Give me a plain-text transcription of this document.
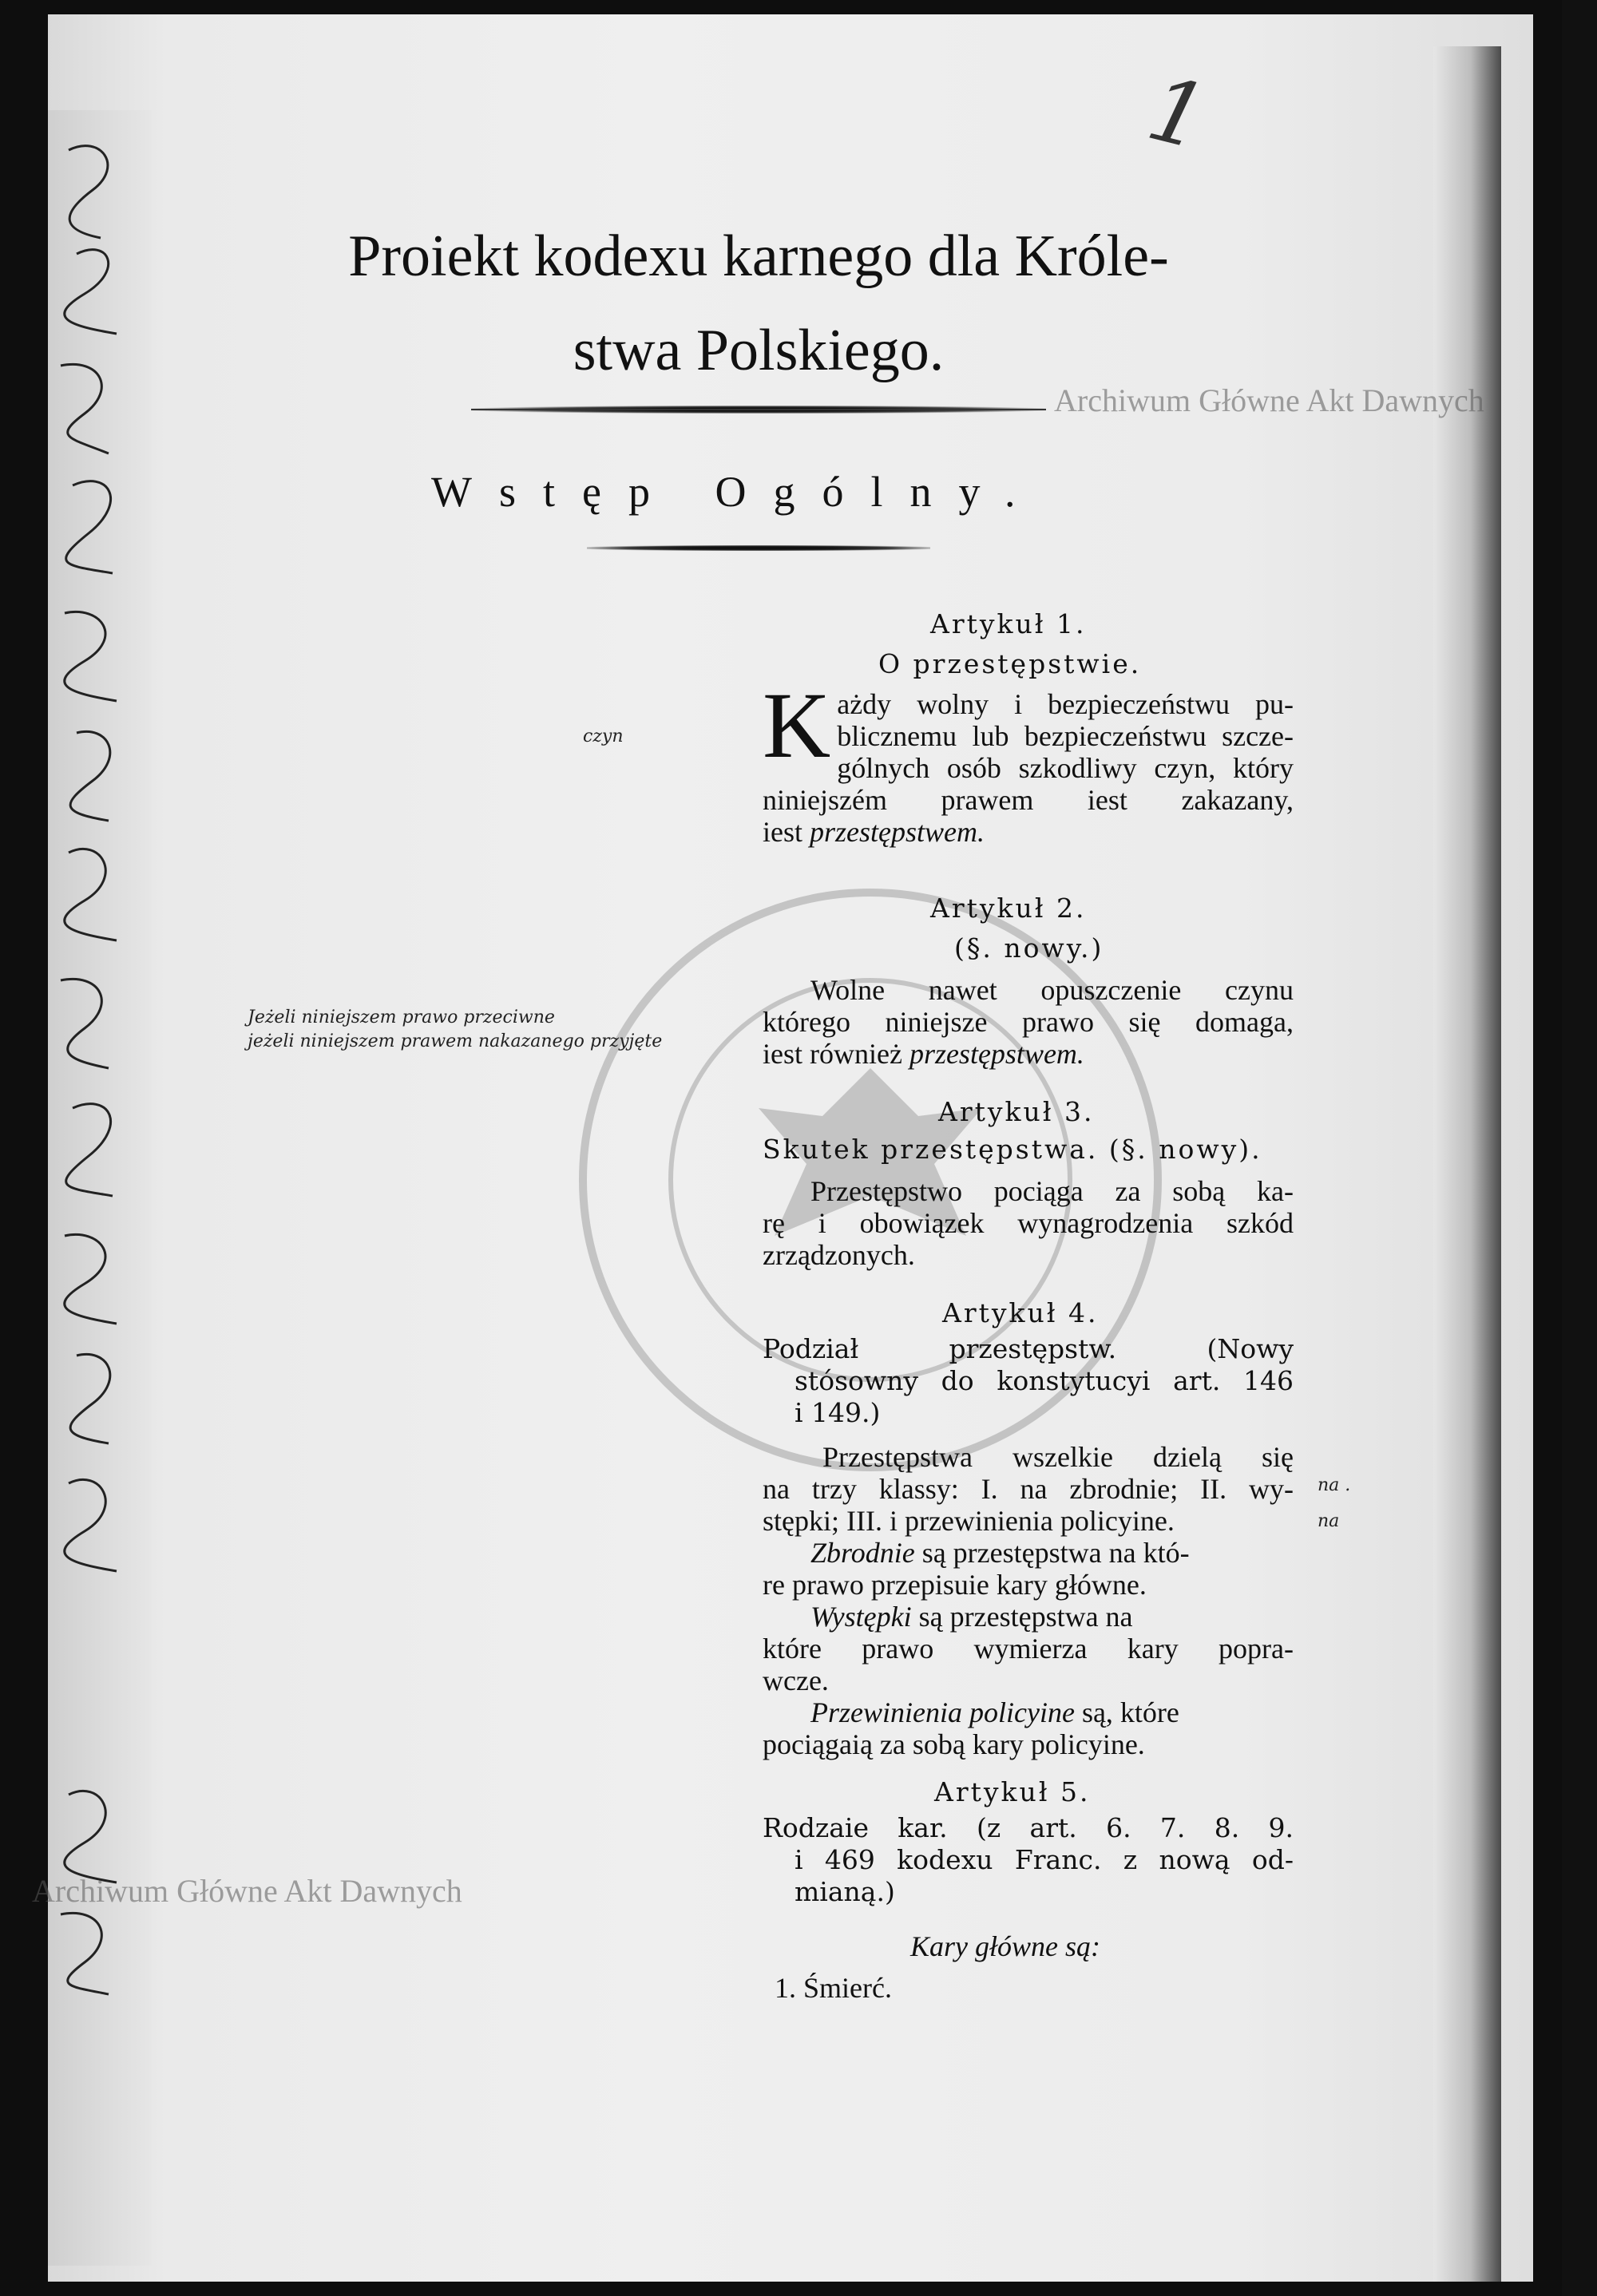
1
Proiekt kodexu karnego dla Króle-
stwa Polskiego.
Wstęp Ogólny.
Archiwum Główne Akt Dawnych
Archiwum Główne Akt Dawnych
Artykuł 1.
O przestępstwie.
K ażdy wolny i bezpieczeństwu pu-
blicznemu lub bezpieczeństwu szcze-
gólnych osób szkodliwy czyn, który
niniejszém prawem iest zakazany,
iest przestępstwem.
czyn
Artykuł 2.
(§. nowy.)
Wolne nawet opuszczenie czynu
którego niniejsze prawo się domaga,
iest również przestępstwem.
Jeżeli niniejszem prawo przeciwne
jeżeli niniejszem prawem nakazanego przyjęte
Artykuł 3.
Skutek przestępstwa. (§. nowy).
Przestępstwo pociąga za sobą ka-
rę i obowiązek wynagrodzenia szkód
zrządzonych.
Artykuł 4.
Podział przestępstw. (Nowy
stósowny do konstytucyi art. 146
i 149.)
Przestępstwa wszelkie dzielą się
na trzy klassy: I. na zbrodnie; II. wy-
stępki; III. i przewinienia policyine.
Zbrodnie są przestępstwa na któ-
re prawo przepisuie kary główne.
Występki są przestępstwa na
które prawo wymierza kary popra-
wcze.
Przewinienia policyine są, które
pociągaią za sobą kary policyine.
na .
na
Artykuł 5.
Rodzaie kar. (z art. 6. 7. 8. 9.
i 469 kodexu Franc. z nową od-
mianą.)
Kary główne są:
1. Śmierć.
